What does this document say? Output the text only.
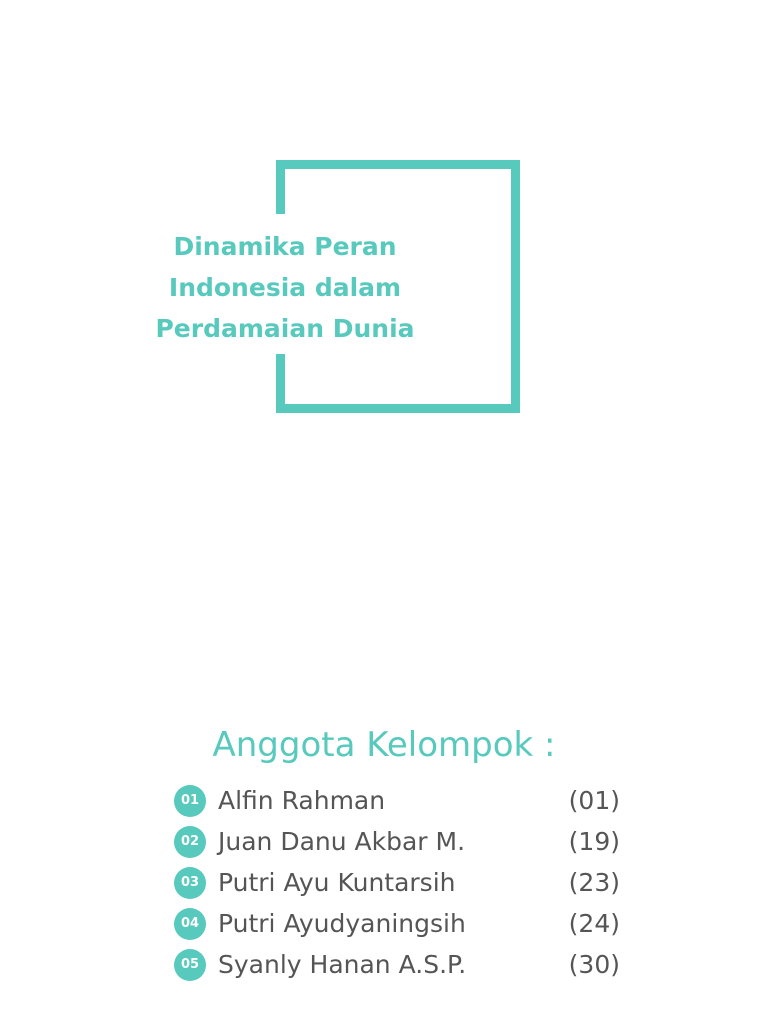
Dinamika Peran
Indonesia dalam
Perdamaian Dunia
Anggota Kelompok :
01 Alfin Rahman	(01)
02 Juan Danu Akbar M.	(19)
03 Putri Ayu Kuntarsih	(23)
04 Putri Ayudyaningsih	(24)
05 Syanly Hanan A.S.P.	(30)
